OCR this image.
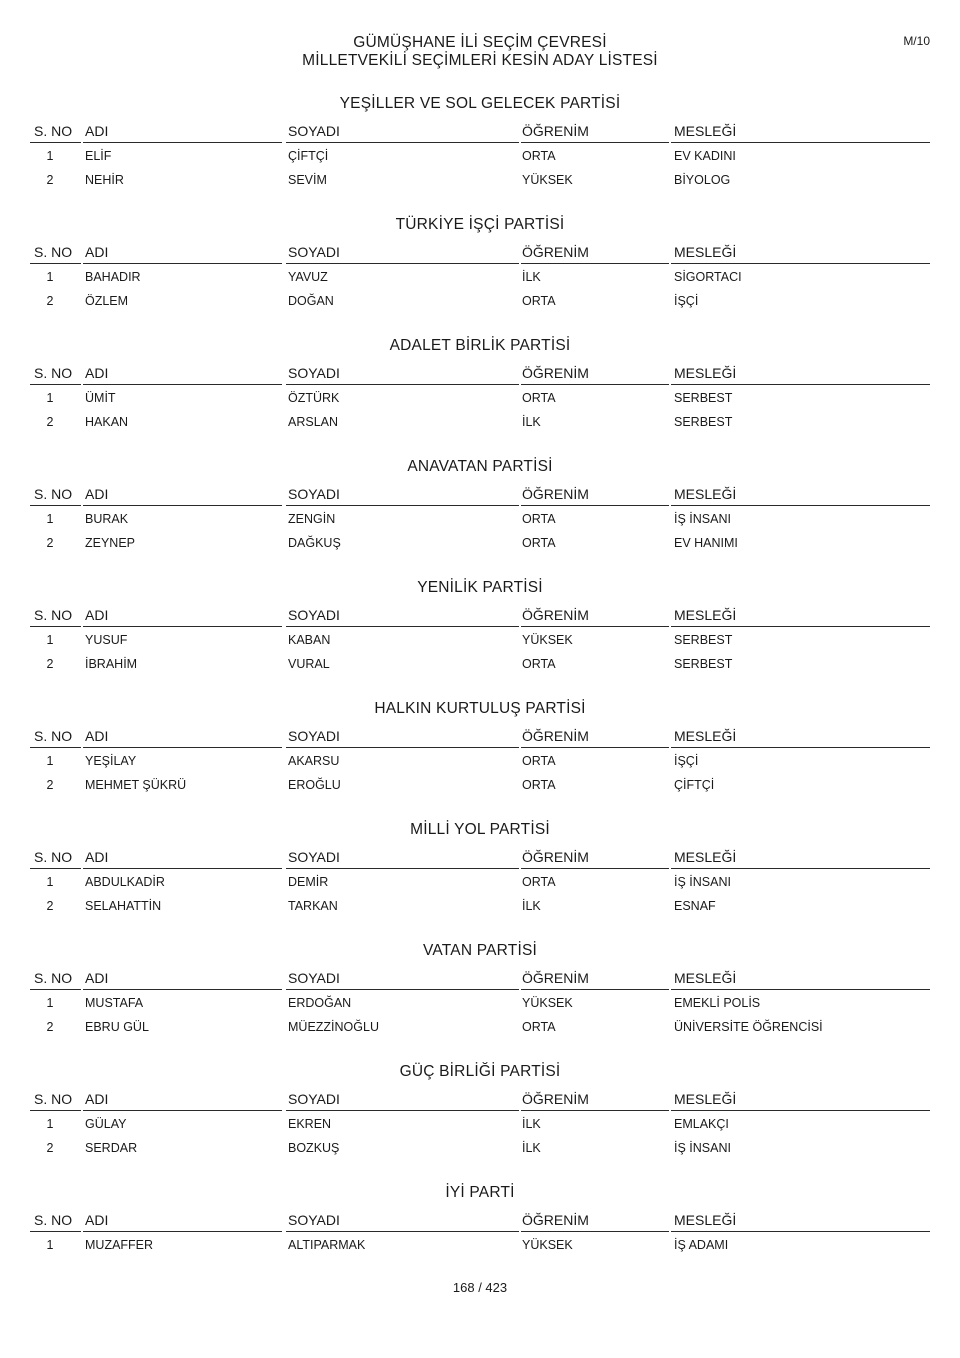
M/10
GÜMÜŞHANE İLİ SEÇİM ÇEVRESİ
MİLLETVEKİLİ SEÇİMLERİ KESİN ADAY LİSTESİ
YEŞİLLER VE SOL GELECEK PARTİSİ
S. NO ADI	SOYADI	ÖĞRENİM	MESLEĞİ
1	ELİF	ÇİFTÇİ	ORTA	EV KADINI
2	NEHİR	SEVİM	YÜKSEK	BİYOLOG
TÜRKİYE İŞÇİ PARTİSİ
S. NO ADI	SOYADI	ÖĞRENİM	MESLEĞİ
1	BAHADIR	YAVUZ	İLK	SİGORTACI
2	ÖZLEM	DOĞAN	ORTA	İŞÇİ
ADALET BİRLİK PARTİSİ
S. NO ADI	SOYADI	ÖĞRENİM	MESLEĞİ
1	ÜMİT	ÖZTÜRK	ORTA	SERBEST
2	HAKAN	ARSLAN	İLK	SERBEST
ANAVATAN PARTİSİ
S. NO ADI	SOYADI	ÖĞRENİM	MESLEĞİ
1	BURAK	ZENGİN	ORTA	İŞ İNSANI
2	ZEYNEP	DAĞKUŞ	ORTA	EV HANIMI
YENİLİK PARTİSİ
S. NO ADI	SOYADI	ÖĞRENİM	MESLEĞİ
1	YUSUF	KABAN	YÜKSEK	SERBEST
2	İBRAHİM	VURAL	ORTA	SERBEST
HALKIN KURTULUŞ PARTİSİ
S. NO ADI	SOYADI	ÖĞRENİM	MESLEĞİ
1	YEŞİLAY	AKARSU	ORTA	İŞÇİ
2	MEHMET ŞÜKRÜ	EROĞLU	ORTA	ÇİFTÇİ
MİLLİ YOL PARTİSİ
S. NO ADI	SOYADI	ÖĞRENİM	MESLEĞİ
1	ABDULKADİR	DEMİR	ORTA	İŞ İNSANI
2	SELAHATTİN	TARKAN	İLK	ESNAF
VATAN PARTİSİ
S. NO ADI	SOYADI	ÖĞRENİM	MESLEĞİ
1	MUSTAFA	ERDOĞAN	YÜKSEK	EMEKLİ POLİS
2	EBRU GÜL	MÜEZZİNOĞLU	ORTA	ÜNİVERSİTE ÖĞRENCİSİ
GÜÇ BİRLİĞİ PARTİSİ
S. NO ADI	SOYADI	ÖĞRENİM	MESLEĞİ
1	GÜLAY	EKREN	İLK	EMLAKÇI
2	SERDAR	BOZKUŞ	İLK	İŞ İNSANI
İYİ PARTİ
S. NO ADI	SOYADI	ÖĞRENİM	MESLEĞİ
1	MUZAFFER	ALTIPARMAK	YÜKSEK	İŞ ADAMI
168 / 423
